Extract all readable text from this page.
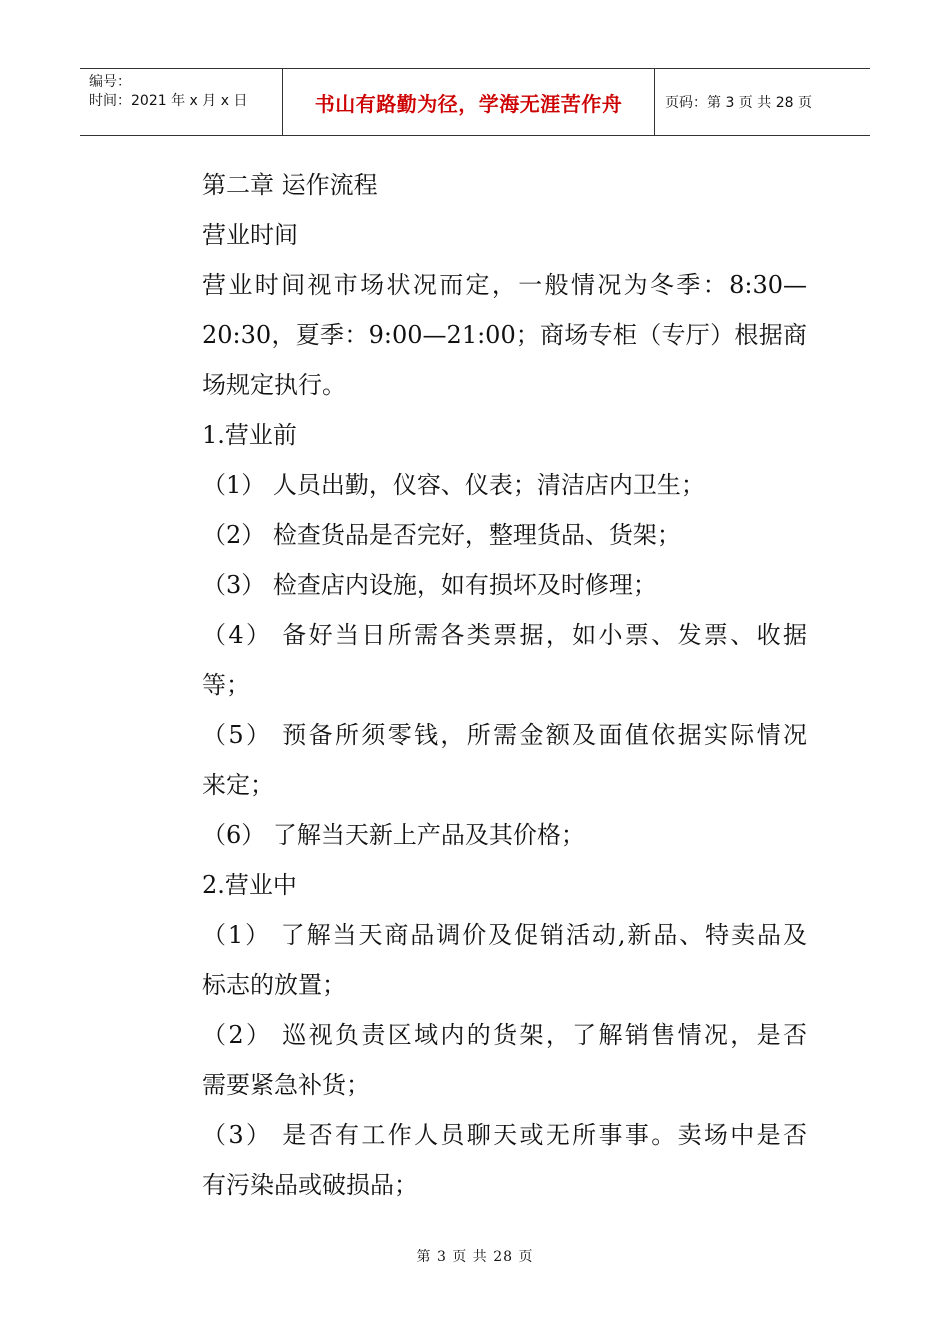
编号：
时间：2021 年 x 月 x 日	书山有路勤为径，学海无涯苦作舟	页码：第 3 页 共 28 页
第二章 运作流程
营业时间
营业时间视市场状况而定，一般情况为冬季：8:30—
20:30，夏季：9:00—21:00；商场专柜（专厅）根据商
场规定执行。
1.营业前
（1） 人员出勤，仪容、仪表；清洁店内卫生；
（2） 检查货品是否完好，整理货品、货架；
（3） 检查店内设施，如有损坏及时修理；
（4） 备好当日所需各类票据，如小票、发票、收据
等；
（5） 预备所须零钱，所需金额及面值依据实际情况
来定；
（6） 了解当天新上产品及其价格；
2.营业中
（1） 了解当天商品调价及促销活动,新品、特卖品及
标志的放置；
（2） 巡视负责区域内的货架，了解销售情况，是否
需要紧急补货；
（3） 是否有工作人员聊天或无所事事。卖场中是否
有污染品或破损品；
第 3 页 共 28 页
